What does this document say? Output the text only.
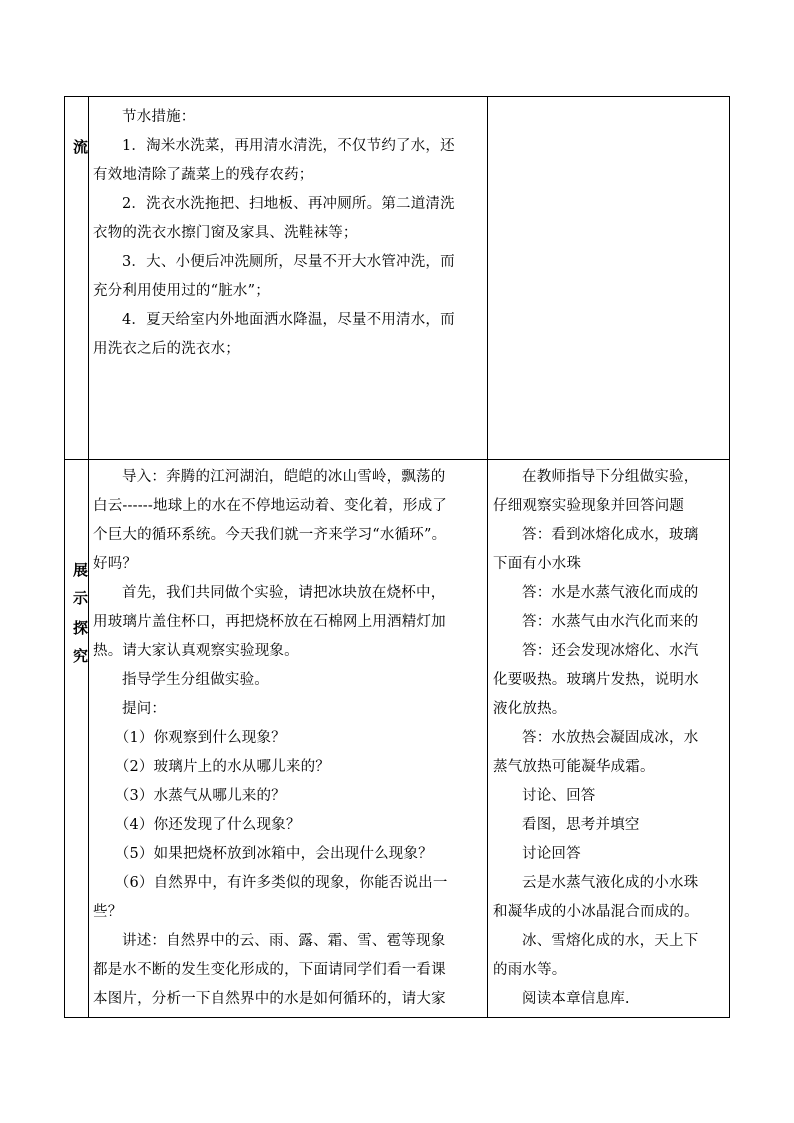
流

节水措施：

1．淘米水洗菜，再用清水清洗，不仅节约了水，还

有效地清除了蔬菜上的残存农药；

2．洗衣水洗拖把、扫地板、再冲厕所。第二道清洗

衣物的洗衣水擦门窗及家具、洗鞋袜等；

3．大、小便后冲洗厕所，尽量不开大水管冲洗，而

充分利用使用过的“脏水”；

4．夏天给室内外地面洒水降温，尽量不用清水，而

用洗衣之后的洗衣水；

展
示
探
究

导入：奔腾的江河湖泊，皑皑的冰山雪岭，飘荡的

白云------地球上的水在不停地运动着、变化着，形成了

个巨大的循环系统。今天我们就一齐来学习“水循环”。

好吗？

首先，我们共同做个实验，请把冰块放在烧杯中，

用玻璃片盖住杯口，再把烧杯放在石棉网上用酒精灯加

热。请大家认真观察实验现象。

指导学生分组做实验。

提问：

（1）你观察到什么现象？

（2）玻璃片上的水从哪儿来的？

（3）水蒸气从哪儿来的？

（4）你还发现了什么现象？

（5）如果把烧杯放到冰箱中，会出现什么现象？

（6）自然界中，有许多类似的现象，你能否说出一

些？

讲述：自然界中的云、雨、露、霜、雪、雹等现象

都是水不断的发生变化形成的，下面请同学们看一看课

本图片，分析一下自然界中的水是如何循环的，请大家

在教师指导下分组做实验，

仔细观察实验现象并回答问题

答：看到冰熔化成水，玻璃

下面有小水珠

答：水是水蒸气液化而成的

答：水蒸气由水汽化而来的

答：还会发现冰熔化、水汽

化要吸热。玻璃片发热，说明水

液化放热。

答：水放热会凝固成冰，水

蒸气放热可能凝华成霜。

讨论、回答

看图，思考并填空

讨论回答

云是水蒸气液化成的小水珠

和凝华成的小冰晶混合而成的。

冰、雪熔化成的水，天上下

的雨水等。

阅读本章信息库.
